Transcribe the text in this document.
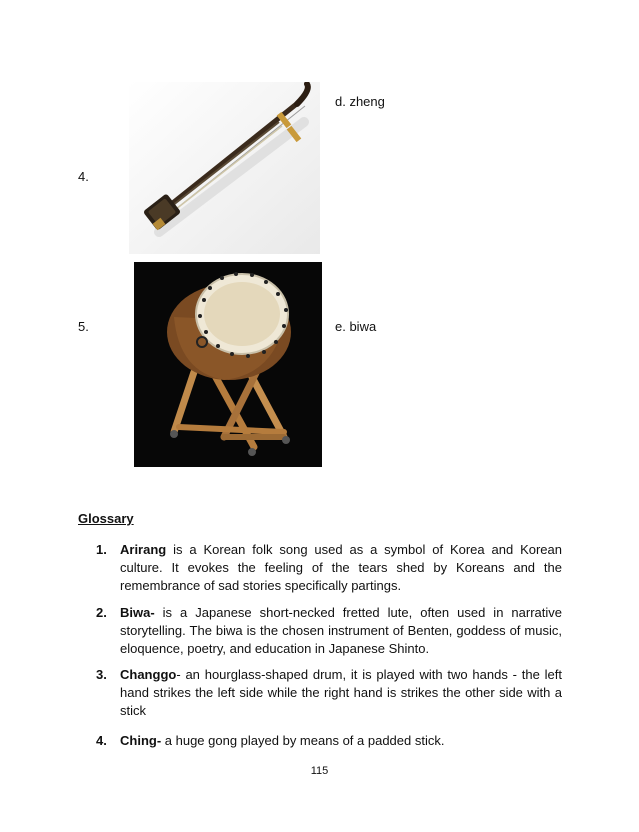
d. zheng
4.
5.	e. biwa
Glossary
1. Arirang is a Korean folk song used as a symbol of Korea and Korean culture. It evokes the feeling of the tears shed by Koreans and the remembrance of sad stories specifically partings.
2. Biwa- is a Japanese short-necked fretted lute, often used in narrative storytelling. The biwa is the chosen instrument of Benten, goddess of music, eloquence, poetry, and education in Japanese Shinto.
3. Changgo- an hourglass-shaped drum, it is played with two hands - the left hand strikes the left side while the right hand is strikes the other side with a stick
4. Ching- a huge gong played by means of a padded stick.
115
